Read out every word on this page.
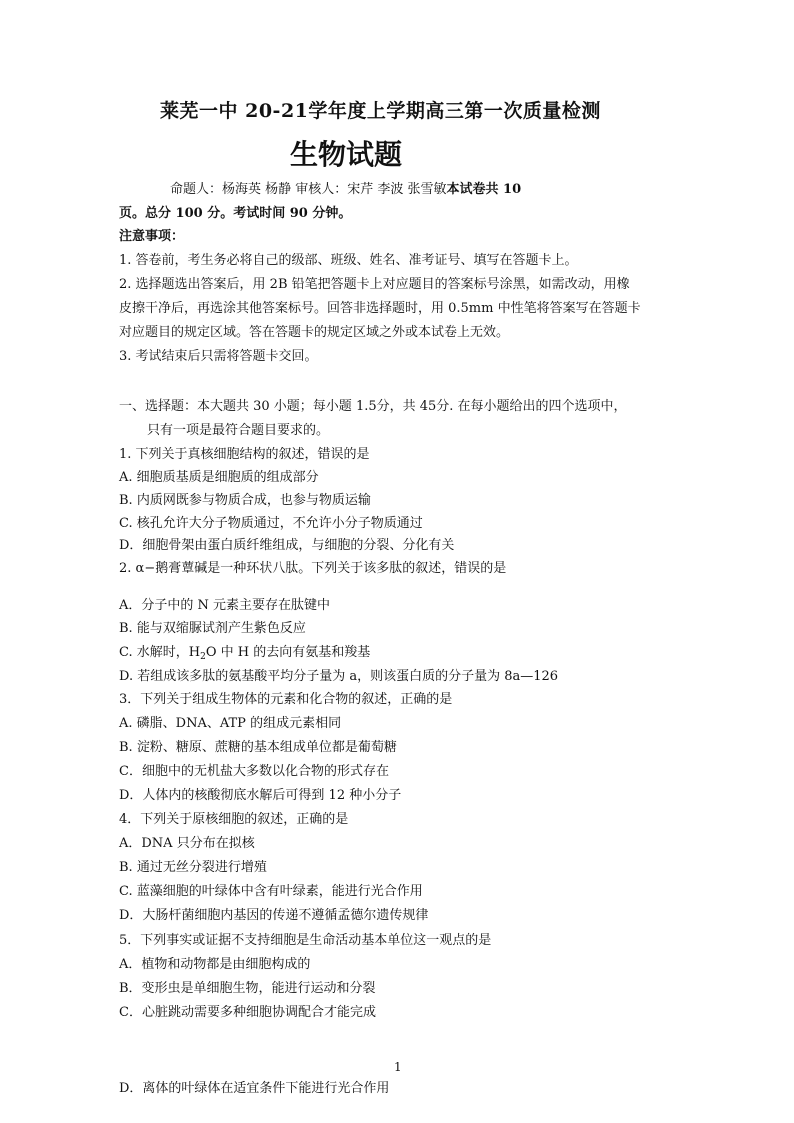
莱芜一中 20-21学年度上学期高三第一次质量检测
生物试题
命题人：杨海英 杨静 审核人：宋芹 李波 张雪敏本试卷共 10
页。总分 100 分。考试时间 90 分钟。
注意事项：
1. 答卷前，考生务必将自己的级部、班级、姓名、准考证号、填写在答题卡上。
2. 选择题选出答案后，用 2B 铅笔把答题卡上对应题目的答案标号涂黑，如需改动，用橡
皮擦干净后，再选涂其他答案标号。回答非选择题时，用 0.5mm 中性笔将答案写在答题卡
对应题目的规定区域。答在答题卡的规定区域之外或本试卷上无效。
3. 考试结束后只需将答题卡交回。
一、选择题：本大题共 30 小题；每小题 1.5分，共 45分. 在每小题给出的四个选项中，
只有一项是最符合题目要求的。
1. 下列关于真核细胞结构的叙述，错误的是
A. 细胞质基质是细胞质的组成部分
B. 内质网既参与物质合成，也参与物质运输
C. 核孔允许大分子物质通过，不允许小分子物质通过
D．细胞骨架由蛋白质纤维组成，与细胞的分裂、分化有关
2. α−鹅膏蕈碱是一种环状八肽。下列关于该多肽的叙述，错误的是
A．分子中的 N 元素主要存在肽键中
B. 能与双缩脲试剂产生紫色反应
C. 水解时，$H_2O$ 中 H 的去向有氨基和羧基
D. 若组成该多肽的氨基酸平均分子量为 a，则该蛋白质的分子量为 8a—126
3．下列关于组成生物体的元素和化合物的叙述，正确的是
A. 磷脂、DNA、ATP 的组成元素相同
B. 淀粉、糖原、蔗糖的基本组成单位都是葡萄糖
C．细胞中的无机盐大多数以化合物的形式存在
D．人体内的核酸彻底水解后可得到 12 种小分子
4．下列关于原核细胞的叙述，正确的是
A．DNA 只分布在拟核
B. 通过无丝分裂进行增殖
C. 蓝藻细胞的叶绿体中含有叶绿素，能进行光合作用
D．大肠杆菌细胞内基因的传递不遵循孟德尔遗传规律
5．下列事实或证据不支持细胞是生命活动基本单位这一观点的是
A．植物和动物都是由细胞构成的
B．变形虫是单细胞生物，能进行运动和分裂
C．心脏跳动需要多种细胞协调配合才能完成
1
D．离体的叶绿体在适宜条件下能进行光合作用
